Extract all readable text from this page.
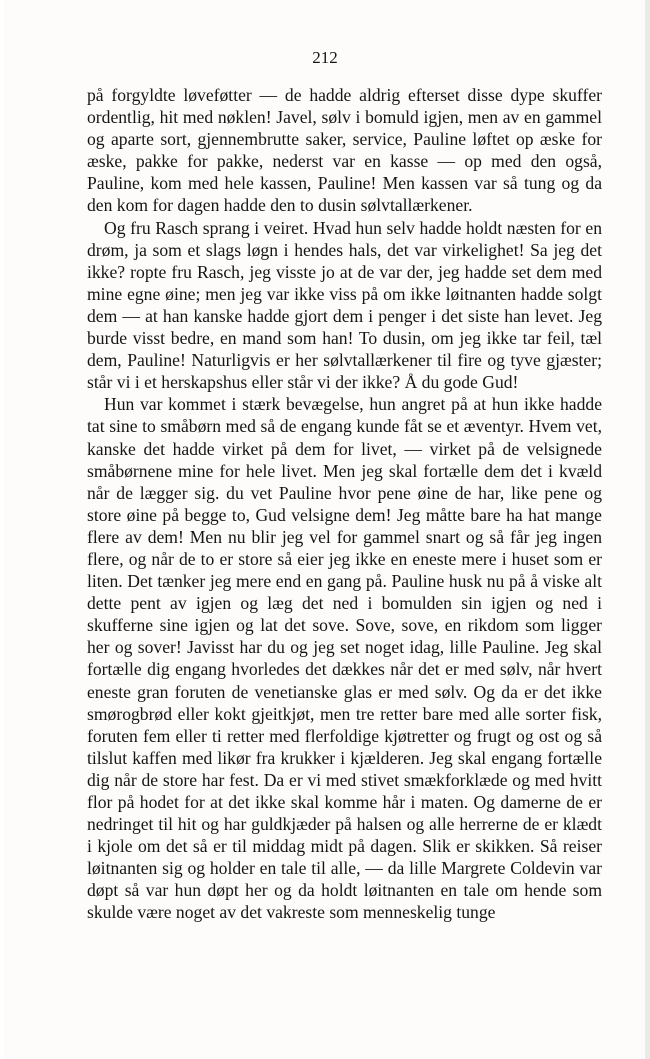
212

på forgyldte løveføtter — de hadde aldrig efterset disse dype skuffer ordentlig, hit med nøklen! Javel, sølv i bomuld igjen, men av en gammel og aparte sort, gjennembrutte saker, service, Pauline løftet op æske for æske, pakke for pakke, nederst var en kasse — op med den også, Pauline, kom med hele kassen, Pauline! Men kassen var så tung og da den kom for dagen hadde den to dusin sølvtallærkener.

Og fru Rasch sprang i veiret. Hvad hun selv hadde holdt næsten for en drøm, ja som et slags løgn i hendes hals, det var virkelighet! Sa jeg det ikke? ropte fru Rasch, jeg visste jo at de var der, jeg hadde set dem med mine egne øine; men jeg var ikke viss på om ikke løitnanten hadde solgt dem — at han kanske hadde gjort dem i penger i det siste han levet. Jeg burde visst bedre, en mand som han! To dusin, om jeg ikke tar feil, tæl dem, Pauline! Naturligvis er her sølvtallærkener til fire og tyve gjæster; står vi i et herskapshus eller står vi der ikke? Å du gode Gud!

Hun var kommet i stærk bevægelse, hun angret på at hun ikke hadde tat sine to småbørn med så de engang kunde fåt se et æventyr. Hvem vet, kanske det hadde virket på dem for livet, — virket på de velsignede småbørnene mine for hele livet. Men jeg skal fortælle dem det i kvæld når de lægger sig. du vet Pauline hvor pene øine de har, like pene og store øine på begge to, Gud velsigne dem! Jeg måtte bare ha hat mange flere av dem! Men nu blir jeg vel for gammel snart og så får jeg ingen flere, og når de to er store så eier jeg ikke en eneste mere i huset som er liten. Det tænker jeg mere end en gang på. Pauline husk nu på å viske alt dette pent av igjen og læg det ned i bomulden sin igjen og ned i skufferne sine igjen og lat det sove. Sove, sove, en rikdom som ligger her og sover! Javisst har du og jeg set noget idag, lille Pauline. Jeg skal fortælle dig engang hvorledes det dækkes når det er med sølv, når hvert eneste gran foruten de venetianske glas er med sølv. Og da er det ikke smørogbrød eller kokt gjeitkjøt, men tre retter bare med alle sorter fisk, foruten fem eller ti retter med flerfoldige kjøtretter og frugt og ost og så tilslut kaffen med likør fra krukker i kjælderen. Jeg skal engang fortælle dig når de store har fest. Da er vi med stivet smækforklæde og med hvitt flor på hodet for at det ikke skal komme hår i maten. Og damerne de er nedringet til hit og har guldkjæder på halsen og alle herrerne de er klædt i kjole om det så er til middag midt på dagen. Slik er skikken. Så reiser løitnanten sig og holder en tale til alle, — da lille Margrete Coldevin var døpt så var hun døpt her og da holdt løitnanten en tale om hende som skulde være noget av det vakreste som menneskelig tunge
